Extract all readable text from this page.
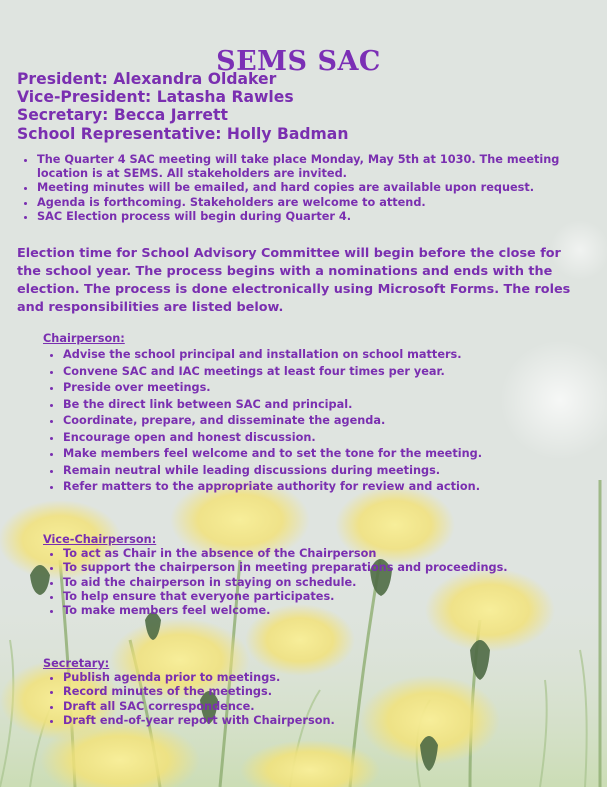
SEMS SAC
President: Alexandra Oldaker
Vice-President: Latasha Rawles
Secretary: Becca Jarrett
School Representative: Holly Badman
• The Quarter 4 SAC meeting will take place Monday, May 5th at 1030. The meeting location is at SEMS. All stakeholders are invited.
• Meeting minutes will be emailed, and hard copies are available upon request.
• Agenda is forthcoming. Stakeholders are welcome to attend.
• SAC Election process will begin during Quarter 4.

Election time for School Advisory Committee will begin before the close for the school year. The process begins with a nominations and ends with the election. The process is done electronically using Microsoft Forms. The roles and responsibilities are listed below.

Chairperson:

• Advise the school principal and installation on school matters.
• Convene SAC and IAC meetings at least four times per year.
• Preside over meetings.
• Be the direct link between SAC and principal.
• Coordinate, prepare, and disseminate the agenda.
• Encourage open and honest discussion.
• Make members feel welcome and to set the tone for the meeting.
• Remain neutral while leading discussions during meetings.
• Refer matters to the appropriate authority for review and action.

Vice-Chairperson:

• To act as Chair in the absence of the Chairperson
• To support the chairperson in meeting preparations and proceedings.
• To aid the chairperson in staying on schedule.
• To help ensure that everyone participates.
• To make members feel welcome.

Secretary:

• Publish agenda prior to meetings.
• Record minutes of the meetings.
• Draft all SAC correspondence.
• Draft end-of-year report with Chairperson.
